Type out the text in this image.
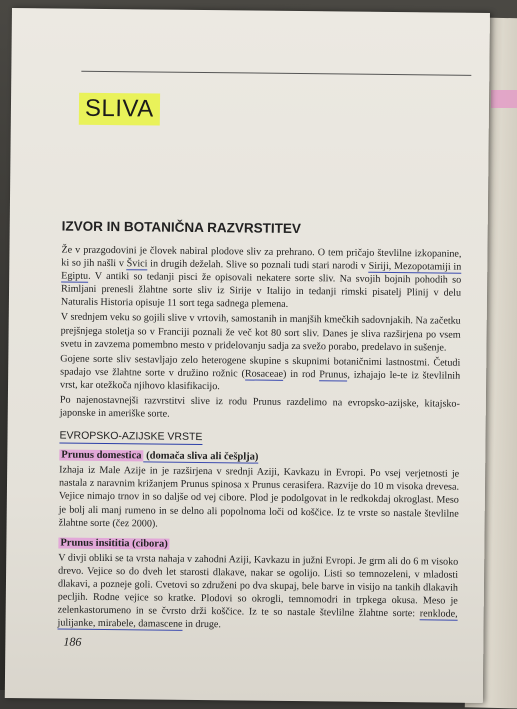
SLIVA
IZVOR IN BOTANIČNA RAZVRSTITEV

Že v prazgodovini je človek nabiral plodove sliv za prehrano. O tem pričajo števlilne izkopanine, ki so jih našli v Švici in drugih deželah. Slive so poznali tudi stari narodi v Siriji, Mezopotamiji in Egiptu. V antiki so tedanji pisci že opisovali nekatere sorte sliv. Na svojih bojnih pohodih so Rimljani prenesli žlahtne sorte sliv iz Sirije v Italijo in tedanji rimski pisatelj Plinij v delu Naturalis Historia opisuje 11 sort tega sadnega plemena.

V srednjem veku so gojili slive v vrtovih, samostanih in manjših kmečkih sadovnjakih. Na začetku prejšnjega stoletja so v Franciji poznali že več kot 80 sort sliv. Danes je sliva razširjena po vsem svetu in zavzema pomembno mesto v pridelovanju sadja za svežo porabo, predelavo in sušenje.

Gojene sorte sliv sestavljajo zelo heterogene skupine s skupnimi botaničnimi lastnostmi. Četudi spadajo vse žlahtne sorte v družino rožnic (Rosaceae) in rod Prunus, izhajajo le-te iz števlilnih vrst, kar otežkoča njihovo klasifikacijo.

Po najenostavnejši razvrstitvi slive iz rodu Prunus razdelimo na evropsko-azijske, kitajsko-japonske in ameriške sorte.

EVROPSKO-AZIJSKE VRSTE
Prunus domestica (domača sliva ali češplja)

Izhaja iz Male Azije in je razširjena v srednji Aziji, Kavkazu in Evropi. Po vsej verjetnosti je nastala z naravnim križanjem Prunus spinosa x Prunus cerasifera. Razvije do 10 m visoka drevesa. Vejice nimajo trnov in so daljše od vej cibore. Plod je podolgovat in le redkokdaj okroglast. Meso je bolj ali manj rumeno in se delno ali popolnoma loči od koščice. Iz te vrste so nastale števlilne žlahtne sorte (čez 2000).

Prunus insititia (cibora)

V divji obliki se ta vrsta nahaja v zahodni Aziji, Kavkazu in južni Evropi. Je grm ali do 6 m visoko drevo. Vejice so do dveh let starosti dlakave, nakar se ogolijo. Listi so temnozeleni, v mladosti dlakavi, a pozneje goli. Cvetovi so združeni po dva skupaj, bele barve in visijo na tankih dlakavih pecljih. Rodne vejice so kratke. Plodovi so okrogli, temnomodri in trpkega okusa. Meso je zelenkastorumeno in se čvrsto drži koščice. Iz te so nastale števlilne žlahtne sorte: renklode, julijanke, mirabele, damascene in druge.

186
